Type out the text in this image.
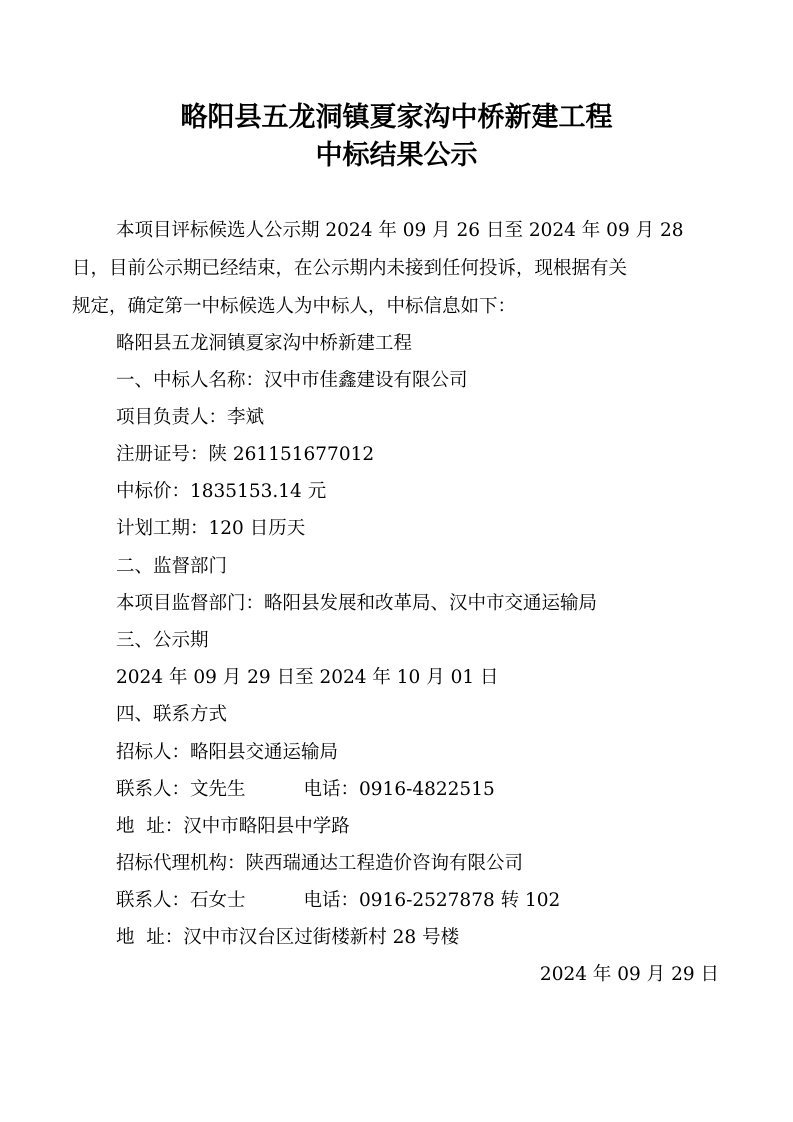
略阳县五龙洞镇夏家沟中桥新建工程
中标结果公示

本项目评标候选人公示期 2024 年 09 月 26 日至 2024 年 09 月 28

日，目前公示期已经结束，在公示期内未接到任何投诉，现根据有关

规定，确定第一中标候选人为中标人，中标信息如下：

略阳县五龙洞镇夏家沟中桥新建工程

一、中标人名称：汉中市佳鑫建设有限公司

项目负责人：李斌

注册证号：陕 261151677012

中标价：1835153.14 元

计划工期：120 日历天

二、监督部门

本项目监督部门：略阳县发展和改革局、汉中市交通运输局

三、公示期

2024 年 09 月 29 日至 2024 年 10 月 01 日

四、联系方式

招标人：略阳县交通运输局

联系人：文先生	电话：0916-4822515

地  址：汉中市略阳县中学路

招标代理机构：陕西瑞通达工程造价咨询有限公司

联系人：石女士	电话：0916-2527878 转 102

地  址：汉中市汉台区过街楼新村 28 号楼

2024 年 09 月 29 日
